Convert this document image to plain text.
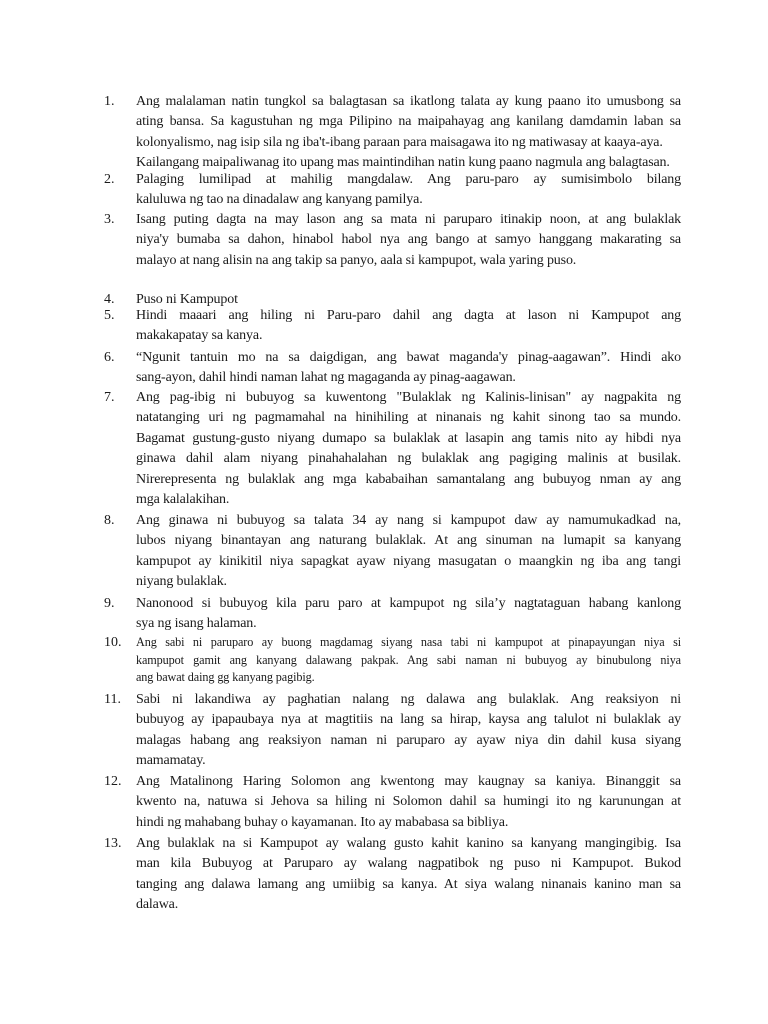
1.	Ang malalaman natin tungkol sa balagtasan sa ikatlong talata ay kung paano ito umusbong sa
ating bansa. Sa kagustuhan ng mga Pilipino na maipahayag ang kanilang damdamin laban sa
kolonyalismo, nag isip sila ng iba't-ibang paraan para maisagawa ito ng matiwasay at kaaya-aya.
Kailangang maipaliwanag ito upang mas maintindihan natin kung paano nagmula ang balagtasan.
2.	Palaging lumilipad at mahilig mangdalaw. Ang paru-paro ay sumisimbolo bilang
kaluluwa ng tao na dinadalaw ang kanyang pamilya.
3.	Isang puting dagta na may lason ang sa mata ni paruparo itinakip noon, at ang bulaklak
niya'y bumaba sa dahon, hinabol habol nya ang bango at samyo hanggang makarating sa
malayo at nang alisin na ang takip sa panyo, aala si kampupot, wala yaring puso.
4.	Puso ni Kampupot
5.	Hindi maaari ang hiling ni Paru-paro dahil ang dagta at lason ni Kampupot ang
makakapatay sa kanya.
6.	“Ngunit tantuin mo na sa daigdigan, ang bawat maganda'y pinag-aagawan”. Hindi ako
sang-ayon, dahil hindi naman lahat ng magaganda ay pinag-aagawan.
7.	Ang pag-ibig ni bubuyog sa kuwentong "Bulaklak ng Kalinis-linisan" ay nagpakita ng
natatanging uri ng pagmamahal na hinihiling at ninanais ng kahit sinong tao sa mundo.
Bagamat gustung-gusto niyang dumapo sa bulaklak at lasapin ang tamis nito ay hibdi nya
ginawa dahil alam niyang pinahahalahan ng bulaklak ang pagiging malinis at busilak.
Nirerepresenta ng bulaklak ang mga kababaihan samantalang ang bubuyog nman ay ang
mga kalalakihan.
8.	Ang ginawa ni bubuyog sa talata 34 ay nang si kampupot daw ay namumukadkad na,
lubos niyang binantayan ang naturang bulaklak. At ang sinuman na lumapit sa kanyang
kampupot ay kinikitil niya sapagkat ayaw niyang masugatan o maangkin ng iba ang tangi
niyang bulaklak.
9.	Nanonood si bubuyog kila paru paro at kampupot ng sila’y nagtataguan habang kanlong
sya ng isang halaman.
10.	Ang sabi ni paruparo ay buong magdamag siyang nasa tabi ni kampupot at pinapayungan niya si
kampupot gamit ang kanyang dalawang pakpak. Ang sabi naman ni bubuyog ay binubulong niya
ang bawat daing gg kanyang pagibig.
11.	Sabi ni lakandiwa ay paghatian nalang ng dalawa ang bulaklak. Ang reaksiyon ni
bubuyog ay ipapaubaya nya at magtitiis na lang sa hirap, kaysa ang talulot ni bulaklak ay
malagas habang ang reaksiyon naman ni paruparo ay ayaw niya din dahil kusa siyang
mamamatay.
12.	Ang Matalinong Haring Solomon ang kwentong may kaugnay sa kaniya. Binanggit sa
kwento na, natuwa si Jehova sa hiling ni Solomon dahil sa humingi ito ng karunungan at
hindi ng mahabang buhay o kayamanan. Ito ay mababasa sa bibliya.
13.	Ang bulaklak na si Kampupot ay walang gusto kahit kanino sa kanyang mangingibig. Isa
man kila Bubuyog at Paruparo ay walang nagpatibok ng puso ni Kampupot. Bukod
tanging ang dalawa lamang ang umiibig sa kanya. At siya walang ninanais kanino man sa
dalawa.
